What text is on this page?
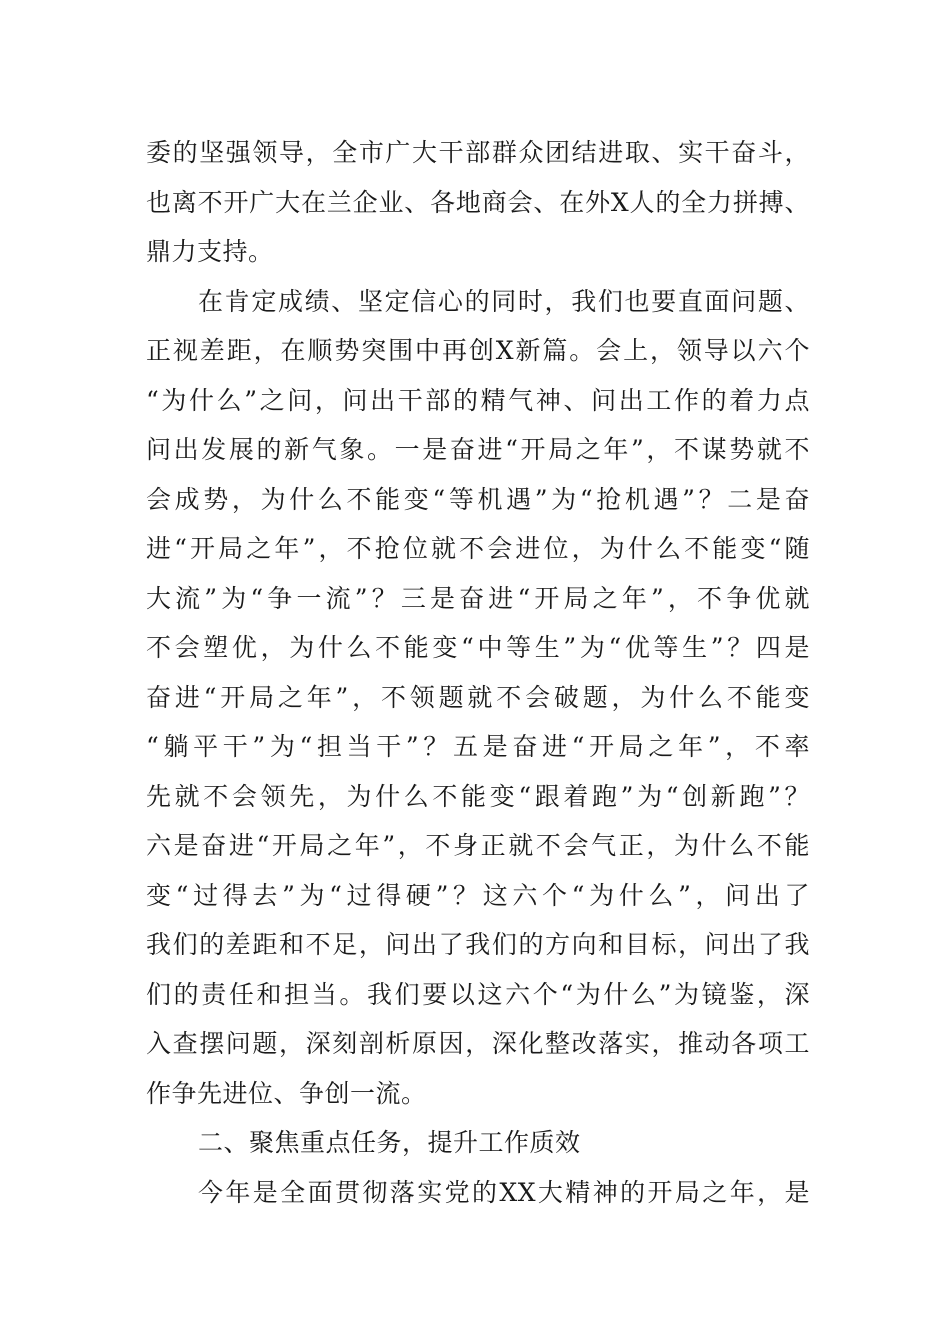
委的坚强领导，全市广大干部群众团结进取、实干奋斗，
也离不开广大在兰企业、各地商会、在外X人的全力拼搏、
鼎力支持。
在肯定成绩、坚定信心的同时，我们也要直面问题、
正视差距，在顺势突围中再创X新篇。会上，领导以六个
“为什么”之问，问出干部的精气神、问出工作的着力点
问出发展的新气象。一是奋进“开局之年”，不谋势就不
会成势，为什么不能变“等机遇”为“抢机遇”？二是奋
进“开局之年”，不抢位就不会进位，为什么不能变“随
大流”为“争一流”？三是奋进“开局之年”，不争优就
不会塑优，为什么不能变“中等生”为“优等生”？四是
奋进“开局之年”，不领题就不会破题，为什么不能变
“躺平干”为“担当干”？五是奋进“开局之年”，不率
先就不会领先，为什么不能变“跟着跑”为“创新跑”？
六是奋进“开局之年”，不身正就不会气正，为什么不能
变“过得去”为“过得硬”？这六个“为什么”，问出了
我们的差距和不足，问出了我们的方向和目标，问出了我
们的责任和担当。我们要以这六个“为什么”为镜鉴，深
入查摆问题，深刻剖析原因，深化整改落实，推动各项工
作争先进位、争创一流。
二、聚焦重点任务，提升工作质效
今年是全面贯彻落实党的XX大精神的开局之年，是
